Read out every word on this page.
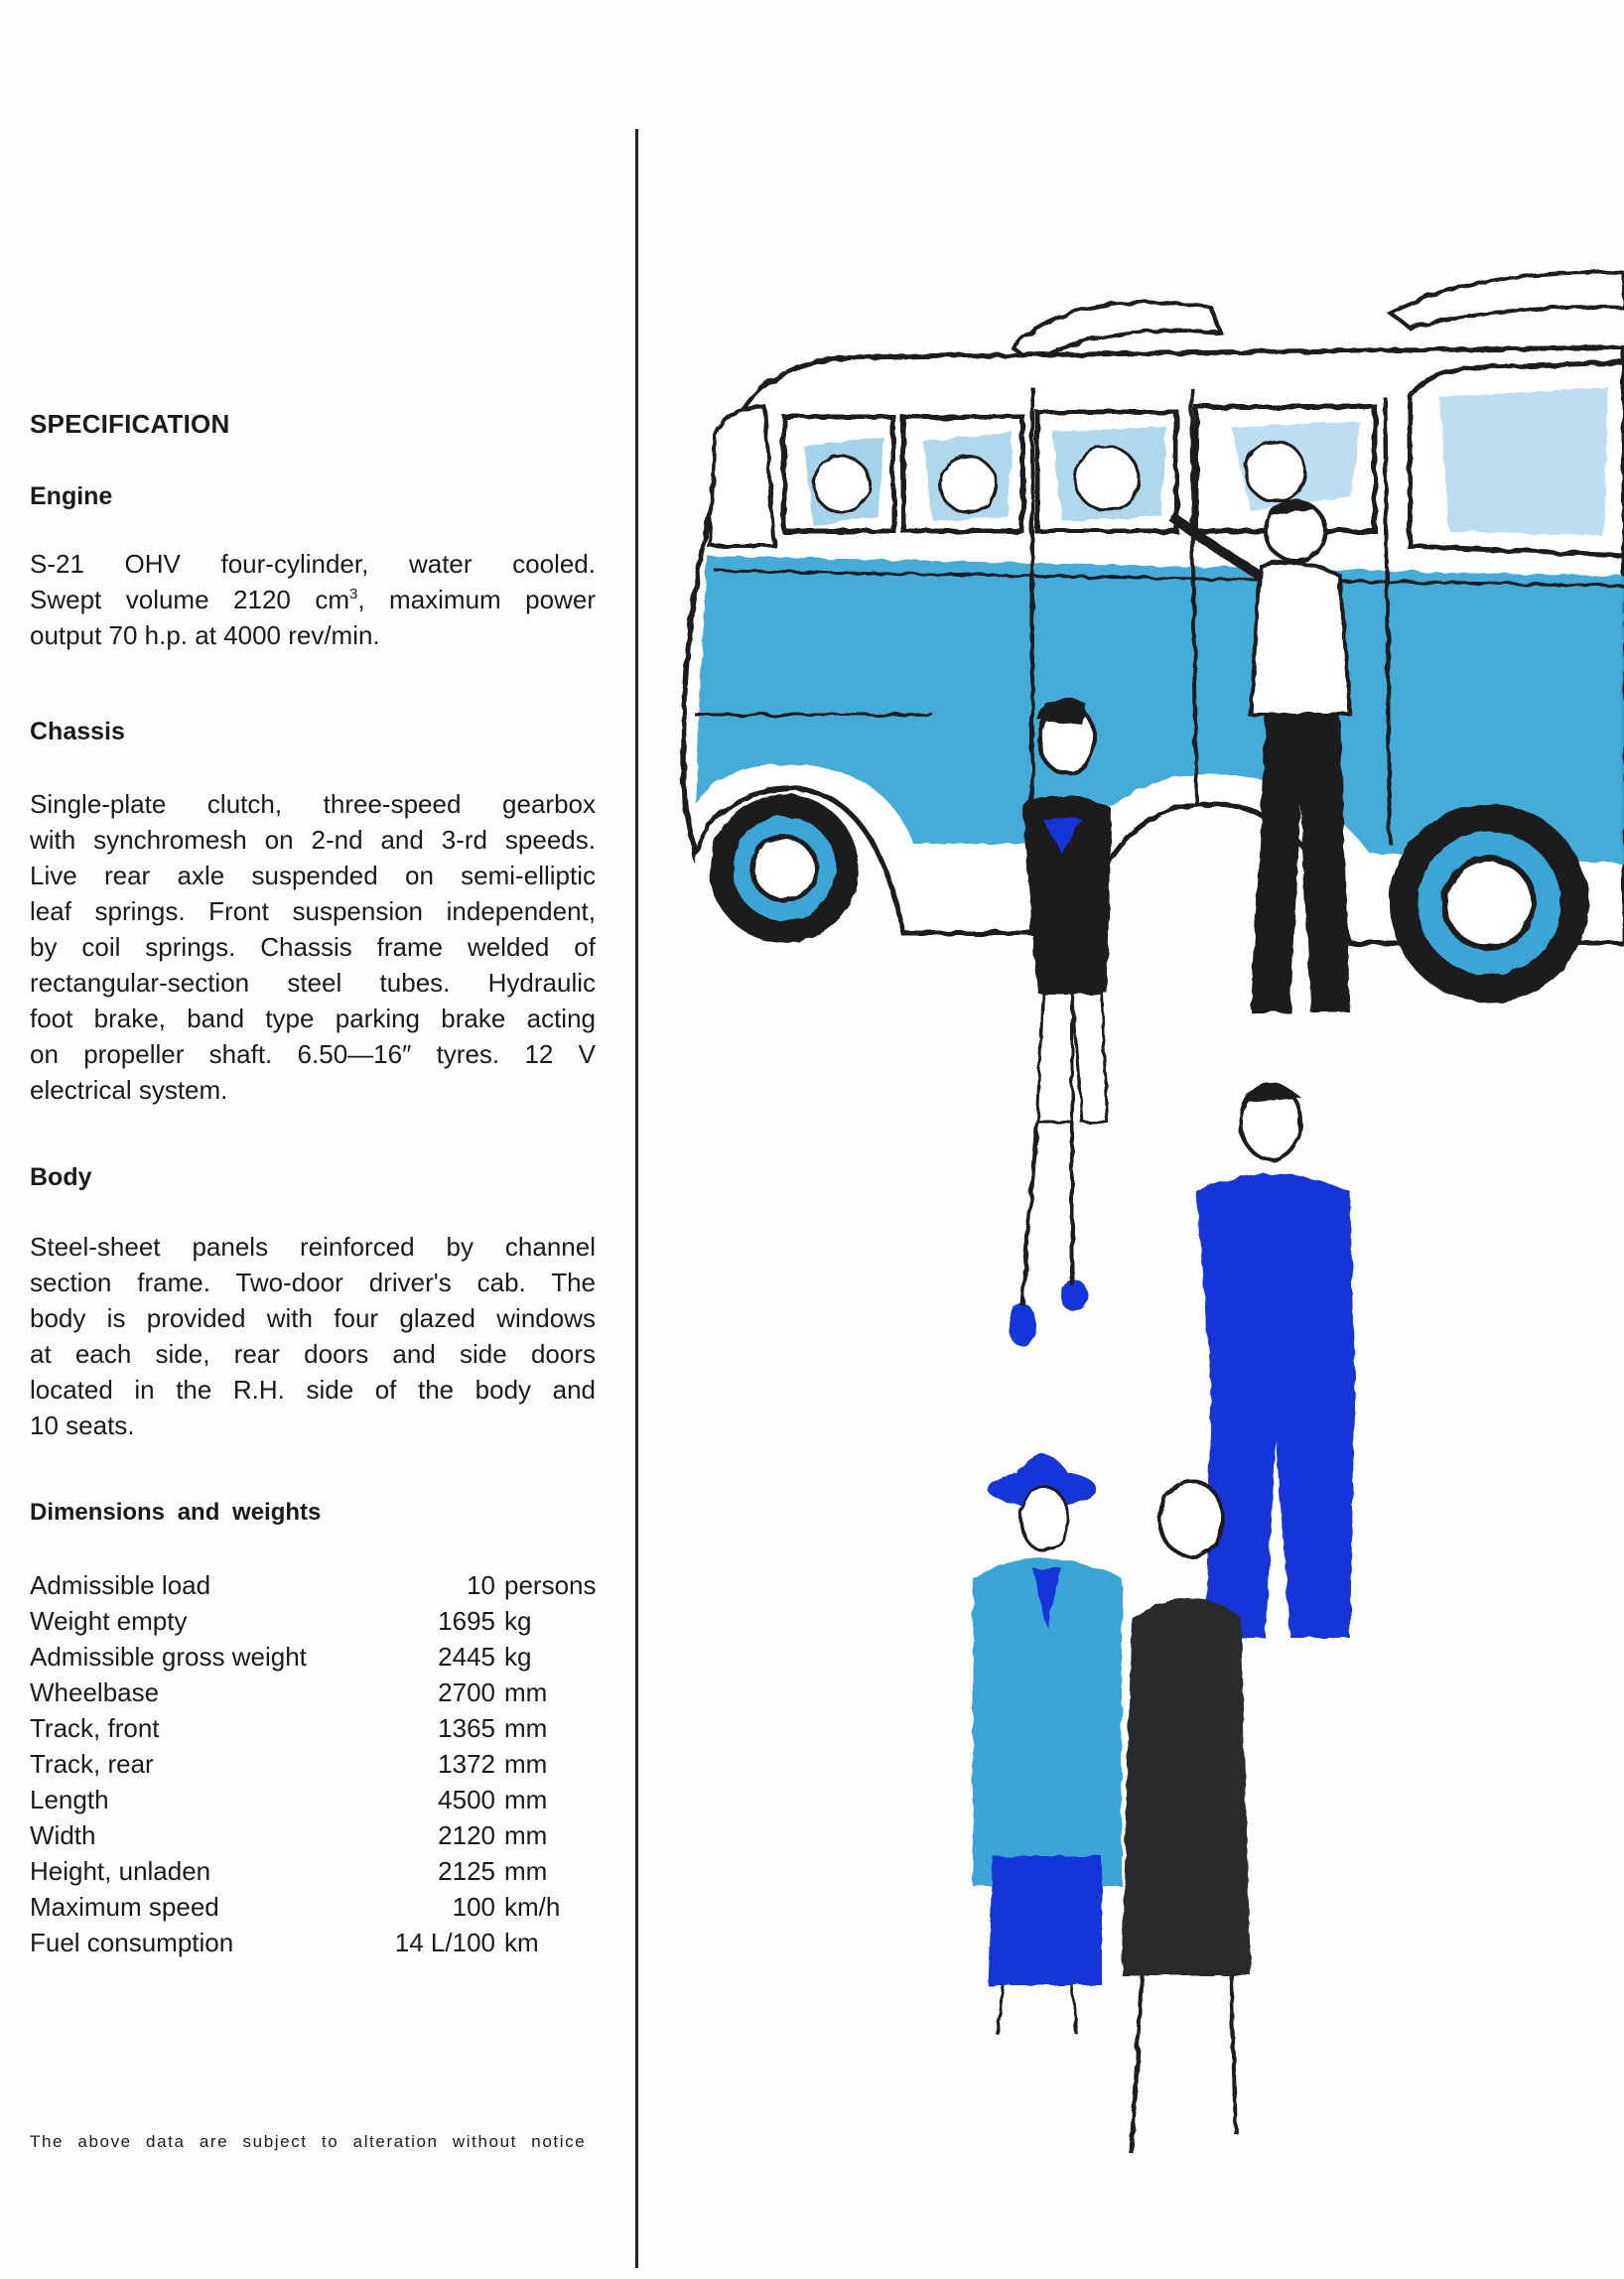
SPECIFICATION
Engine
S-21 OHV four-cylinder, water cooled.
Swept volume 2120 $cm^3$, maximum power
output 70 h.p. at 4000 rev/min.
Chassis
Single-plate clutch, three-speed gearbox
with synchromesh on 2-nd and 3-rd speeds.
Live rear axle suspended on semi-elliptic
leaf springs. Front suspension independent,
by coil springs. Chassis frame welded of
rectangular-section steel tubes. Hydraulic
foot brake, band type parking brake acting
on propeller shaft. 6.50—16″ tyres. 12 V
electrical system.
Body
Steel-sheet panels reinforced by channel
section frame. Two-door driver's cab. The
body is provided with four glazed windows
at each side, rear doors and side doors
located in the R.H. side of the body and
10 seats.
Dimensions and weights
Admissible load	10 persons
Weight empty	1695 kg
Admissible gross weight	2445 kg
Wheelbase	2700 mm
Track, front	1365 mm
Track, rear	1372 mm
Length	4500 mm
Width	2120 mm
Height, unladen	2125 mm
Maximum speed	100 km/h
Fuel consumption	14 L/100 km
The above data are subject to alteration without notice
